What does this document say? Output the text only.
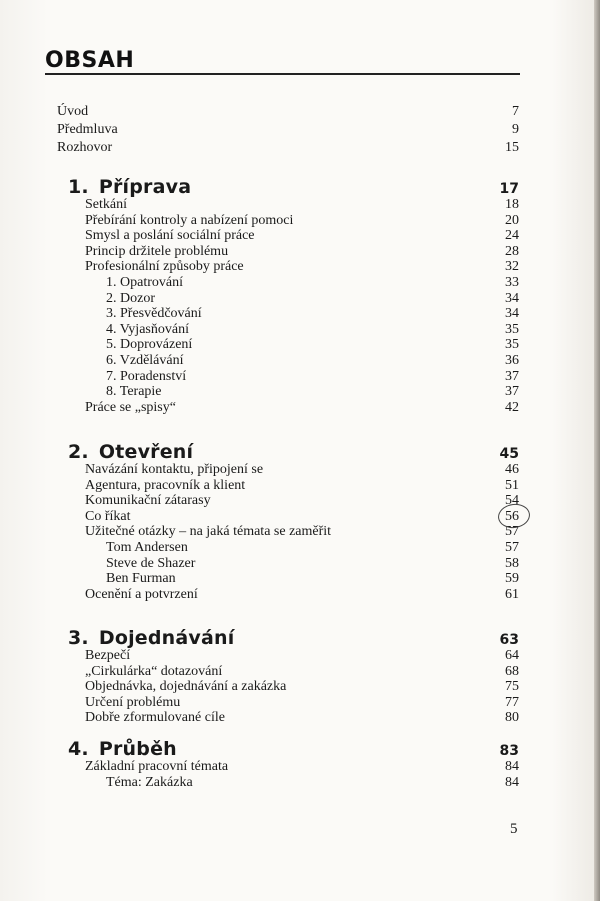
OBSAH
Úvod	7
Předmluva	9
Rozhovor	15
1. Příprava	17
Setkání	18
Přebírání kontroly a nabízení pomoci	20
Smysl a poslání sociální práce	24
Princip držitele problému	28
Profesionální způsoby práce	32
1. Opatrování	33
2. Dozor	34
3. Přesvědčování	34
4. Vyjasňování	35
5. Doprovázení	35
6. Vzdělávání	36
7. Poradenství	37
8. Terapie	37
Práce se „spisy“	42
2. Otevření	45
Navázání kontaktu, připojení se	46
Agentura, pracovník a klient	51
Komunikační zátarasy	54
Co říkat	56
Užitečné otázky – na jaká témata se zaměřit	57
Tom Andersen	57
Steve de Shazer	58
Ben Furman	59
Ocenění a potvrzení	61
3. Dojednávání	63
Bezpečí	64
„Cirkulárka“ dotazování	68
Objednávka, dojednávání a zakázka	75
Určení problému	77
Dobře zformulované cíle	80
4. Průběh	83
Základní pracovní témata	84
Téma: Zakázka	84
5
